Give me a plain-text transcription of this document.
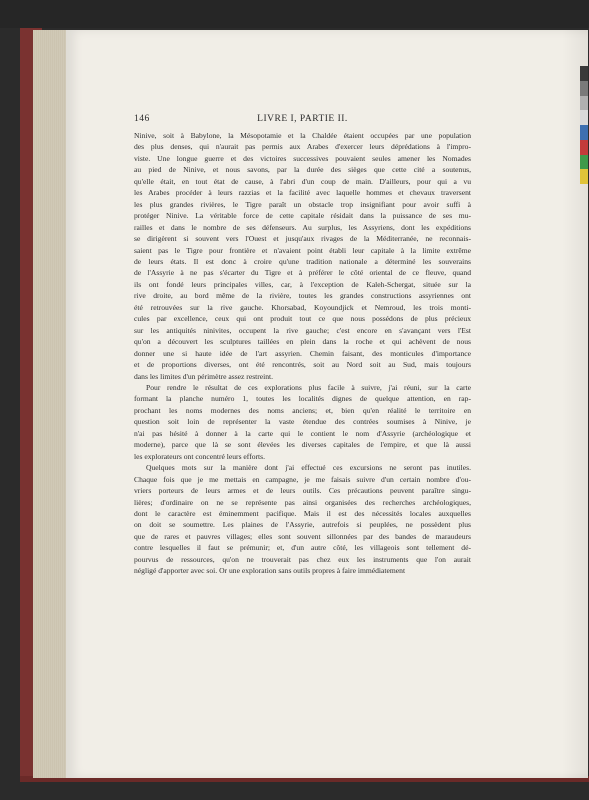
146	LIVRE I, PARTIE II.
Ninive, soit à Babylone, la Mésopotamie et la Chaldée étaient occupées par une population
des plus denses, qui n'aurait pas permis aux Arabes d'exercer leurs déprédations à l'impro-
viste. Une longue guerre et des victoires successives pouvaient seules amener les Nomades
au pied de Ninive, et nous savons, par la durée des sièges que cette cité a soutenus,
qu'elle était, en tout état de cause, à l'abri d'un coup de main. D'ailleurs, pour qui a vu
les Arabes procéder à leurs razzias et la facilité avec laquelle hommes et chevaux traversent
les plus grandes rivières, le Tigre paraît un obstacle trop insignifiant pour avoir suffi à
protéger Ninive. La véritable force de cette capitale résidait dans la puissance de ses mu-
railles et dans le nombre de ses défenseurs. Au surplus, les Assyriens, dont les expéditions
se dirigèrent si souvent vers l'Ouest et jusqu'aux rivages de la Méditerranée, ne reconnais-
saient pas le Tigre pour frontière et n'avaient point établi leur capitale à la limite extrême
de leurs états. Il est donc à croire qu'une tradition nationale a déterminé les souverains
de l'Assyrie à ne pas s'écarter du Tigre et à préférer le côté oriental de ce fleuve, quand
ils ont fondé leurs principales villes, car, à l'exception de Kaleh-Schergat, située sur la
rive droite, au bord même de la rivière, toutes les grandes constructions assyriennes ont
été retrouvées sur la rive gauche. Khorsabad, Koyoundjick et Nemroud, les trois monti-
cules par excellence, ceux qui ont produit tout ce que nous possédons de plus précieux
sur les antiquités ninivites, occupent la rive gauche; c'est encore en s'avançant vers l'Est
qu'on a découvert les sculptures taillées en plein dans la roche et qui achèvent de nous
donner une si haute idée de l'art assyrien. Chemin faisant, des monticules d'importance
et de proportions diverses, ont été rencontrés, soit au Nord soit au Sud, mais toujours
dans les limites d'un périmètre assez restreint.
Pour rendre le résultat de ces explorations plus facile à suivre, j'ai réuni, sur la carte
formant la planche numéro 1, toutes les localités dignes de quelque attention, en rap-
prochant les noms modernes des noms anciens; et, bien qu'en réalité le territoire en
question soit loin de représenter la vaste étendue des contrées soumises à Ninive, je
n'ai pas hésité à donner à la carte qui le contient le nom d'Assyrie (archéologique et
moderne), parce que là se sont élevées les diverses capitales de l'empire, et que là aussi
les explorateurs ont concentré leurs efforts.
Quelques mots sur la manière dont j'ai effectué ces excursions ne seront pas inutiles.
Chaque fois que je me mettais en campagne, je me faisais suivre d'un certain nombre d'ou-
vriers porteurs de leurs armes et de leurs outils. Ces précautions peuvent paraître singu-
lières; d'ordinaire on ne se représente pas ainsi organisées des recherches archéologiques,
dont le caractère est éminemment pacifique. Mais il est des nécessités locales auxquelles
on doit se soumettre. Les plaines de l'Assyrie, autrefois si peuplées, ne possèdent plus
que de rares et pauvres villages; elles sont souvent sillonnées par des bandes de maraudeurs
contre lesquelles il faut se prémunir; et, d'un autre côté, les villageois sont tellement dé-
pourvus de ressources, qu'on ne trouverait pas chez eux les instruments que l'on aurait
négligé d'apporter avec soi. Or une exploration sans outils propres à faire immédiatement
